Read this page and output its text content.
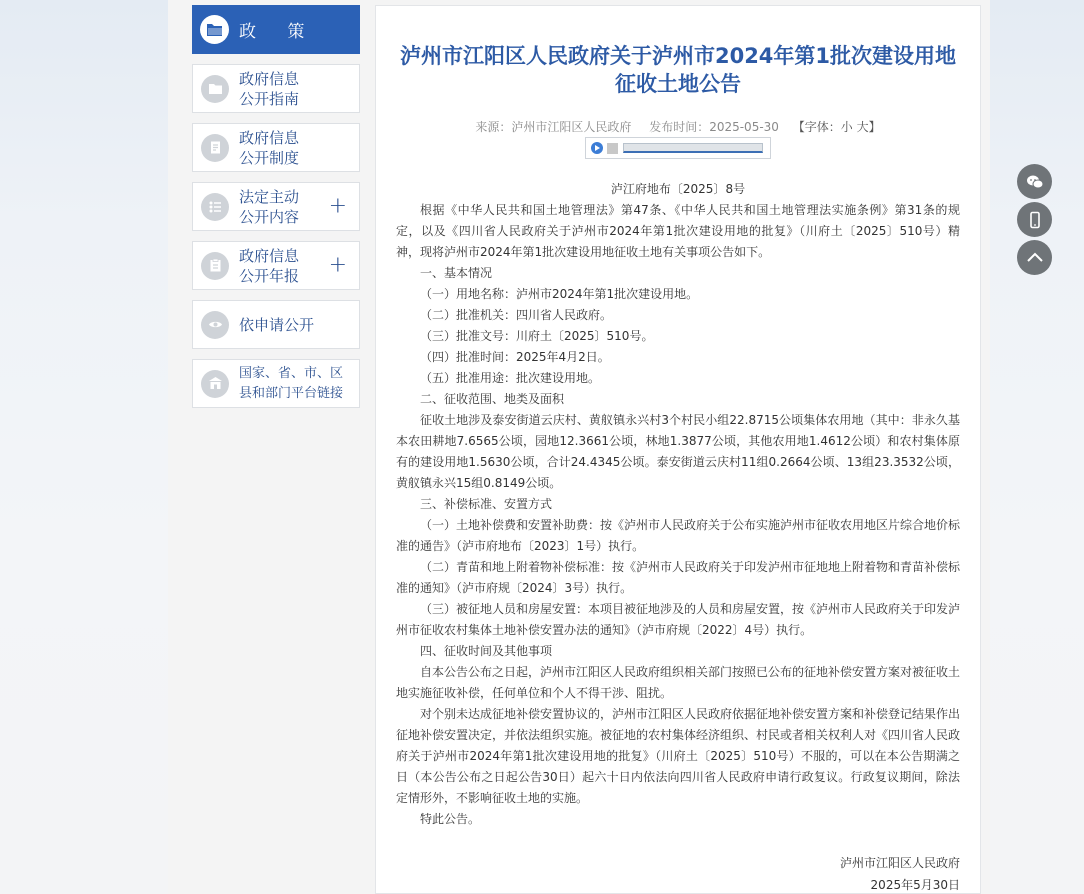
政 策
政府信息
公开指南
政府信息
公开制度
法定主动
公开内容 +
政府信息
公开年报 +
依申请公开
国家、省、市、区
县和部门平台链接
泸州市江阳区人民政府关于泸州市2024年第1批次建设用地征收土地公告
来源：泸州市江阳区人民政府 发布时间：2025-05-30 【字体：小 大】

泸江府地布〔2025〕8号

根据《中华人民共和国土地管理法》第47条、《中华人民共和国土地管理法实施条例》第31条的规定，以及《四川省人民政府关于泸州市2024年第1批次建设用地的批复》（川府土〔2025〕510号）精神，现将泸州市2024年第1批次建设用地征收土地有关事项公告如下。

一、基本情况

（一）用地名称：泸州市2024年第1批次建设用地。

（二）批准机关：四川省人民政府。

（三）批准文号：川府土〔2025〕510号。

（四）批准时间：2025年4月2日。

（五）批准用途：批次建设用地。

二、征收范围、地类及面积

征收土地涉及泰安街道云庆村、黄舣镇永兴村3个村民小组22.8715公顷集体农用地（其中：非永久基本农田耕地7.6565公顷，园地12.3661公顷，林地1.3877公顷，其他农用地1.4612公顷）和农村集体原有的建设用地1.5630公顷，合计24.4345公顷。泰安街道云庆村11组0.2664公顷、13组23.3532公顷，黄舣镇永兴15组0.8149公顷。

三、补偿标准、安置方式

（一）土地补偿费和安置补助费：按《泸州市人民政府关于公布实施泸州市征收农用地区片综合地价标准的通告》（泸市府地布〔2023〕1号）执行。

（二）青苗和地上附着物补偿标准：按《泸州市人民政府关于印发泸州市征地地上附着物和青苗补偿标准的通知》（泸市府规〔2024〕3号）执行。

（三）被征地人员和房屋安置：本项目被征地涉及的人员和房屋安置，按《泸州市人民政府关于印发泸州市征收农村集体土地补偿安置办法的通知》（泸市府规〔2022〕4号）执行。

四、征收时间及其他事项

自本公告公布之日起，泸州市江阳区人民政府组织相关部门按照已公布的征地补偿安置方案对被征收土地实施征收补偿，任何单位和个人不得干涉、阻扰。

对个别未达成征地补偿安置协议的，泸州市江阳区人民政府依据征地补偿安置方案和补偿登记结果作出征地补偿安置决定，并依法组织实施。被征地的农村集体经济组织、村民或者相关权利人对《四川省人民政府关于泸州市2024年第1批次建设用地的批复》（川府土〔2025〕510号）不服的，可以在本公告期满之日（本公告公布之日起公告30日）起六十日内依法向四川省人民政府申请行政复议。行政复议期间，除法定情形外，不影响征收土地的实施。

特此公告。

泸州市江阳区人民政府
2025年5月30日
